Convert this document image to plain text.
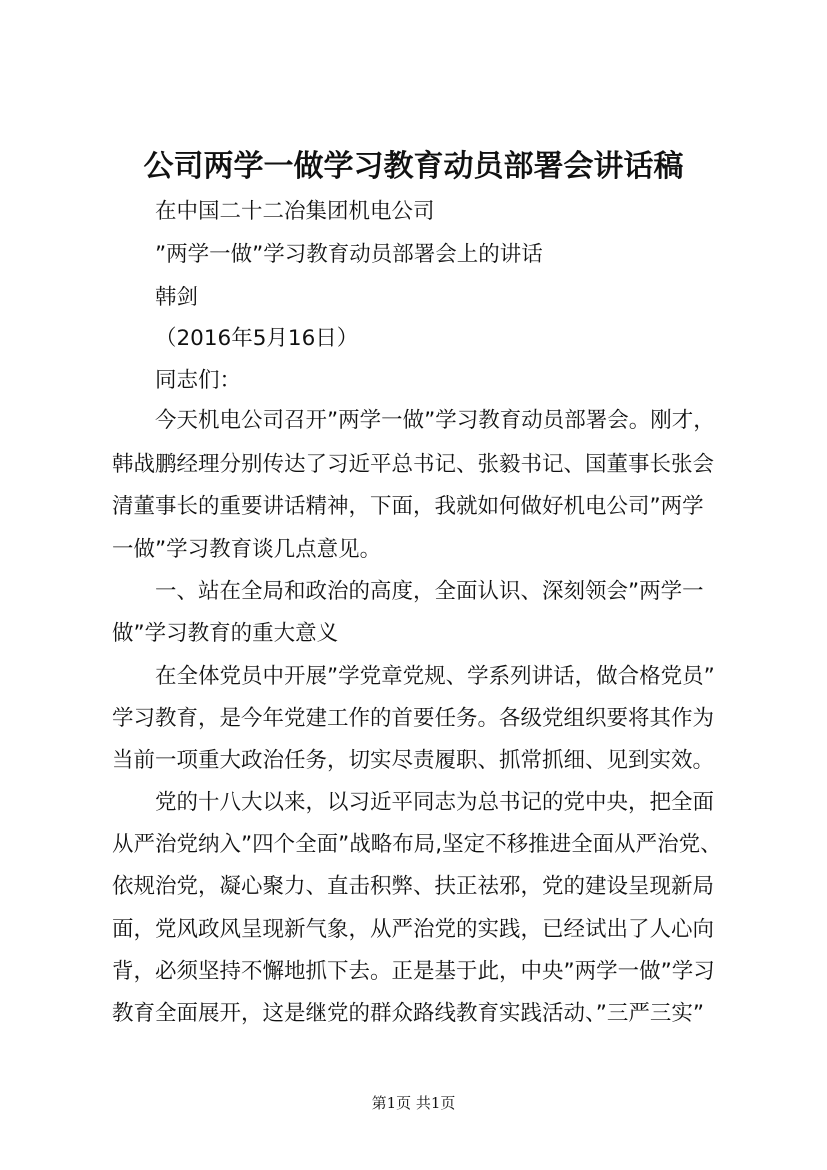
公司两学一做学习教育动员部署会讲话稿
在中国二十二冶集团机电公司
”两学一做”学习教育动员部署会上的讲话
韩剑
（2016年5月16日）
同志们：
今天机电公司召开”两学一做”学习教育动员部署会。刚才，
韩战鹏经理分别传达了习近平总书记、张毅书记、国董事长张会
清董事长的重要讲话精神，下面，我就如何做好机电公司”两学
一做”学习教育谈几点意见。
一、站在全局和政治的高度，全面认识、深刻领会”两学一
做”学习教育的重大意义
在全体党员中开展”学党章党规、学系列讲话，做合格党员”
学习教育，是今年党建工作的首要任务。各级党组织要将其作为
当前一项重大政治任务，切实尽责履职、抓常抓细、见到实效。
党的十八大以来，以习近平同志为总书记的党中央，把全面
从严治党纳入”四个全面”战略布局,坚定不移推进全面从严治党、
依规治党，凝心聚力、直击积弊、扶正祛邪，党的建设呈现新局
面，党风政风呈现新气象，从严治党的实践，已经试出了人心向
背，必须坚持不懈地抓下去。正是基于此，中央”两学一做”学习
教育全面展开，这是继党的群众路线教育实践活动、”三严三实”
第1页 共1页
